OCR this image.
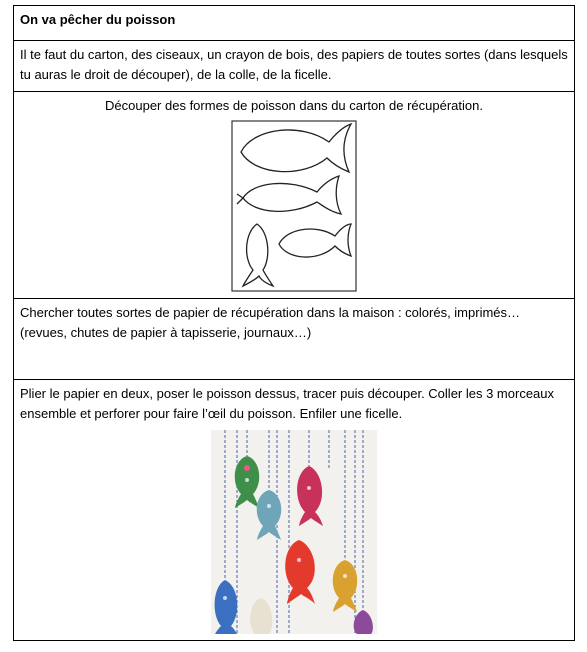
On va pêcher du poisson
Il te faut du carton, des ciseaux, un crayon de bois, des papiers de toutes sortes (dans lesquels tu auras le droit de découper), de la colle, de la ficelle.

Découper des formes de poisson dans du carton de récupération.

Chercher toutes sortes de papier de récupération dans la maison : colorés, imprimés… (revues, chutes de papier à tapisserie, journaux…)

Plier le papier en deux, poser le poisson dessus, tracer puis découper. Coller les 3 morceaux ensemble et perforer pour faire l’œil du poisson. Enfiler une ficelle.
